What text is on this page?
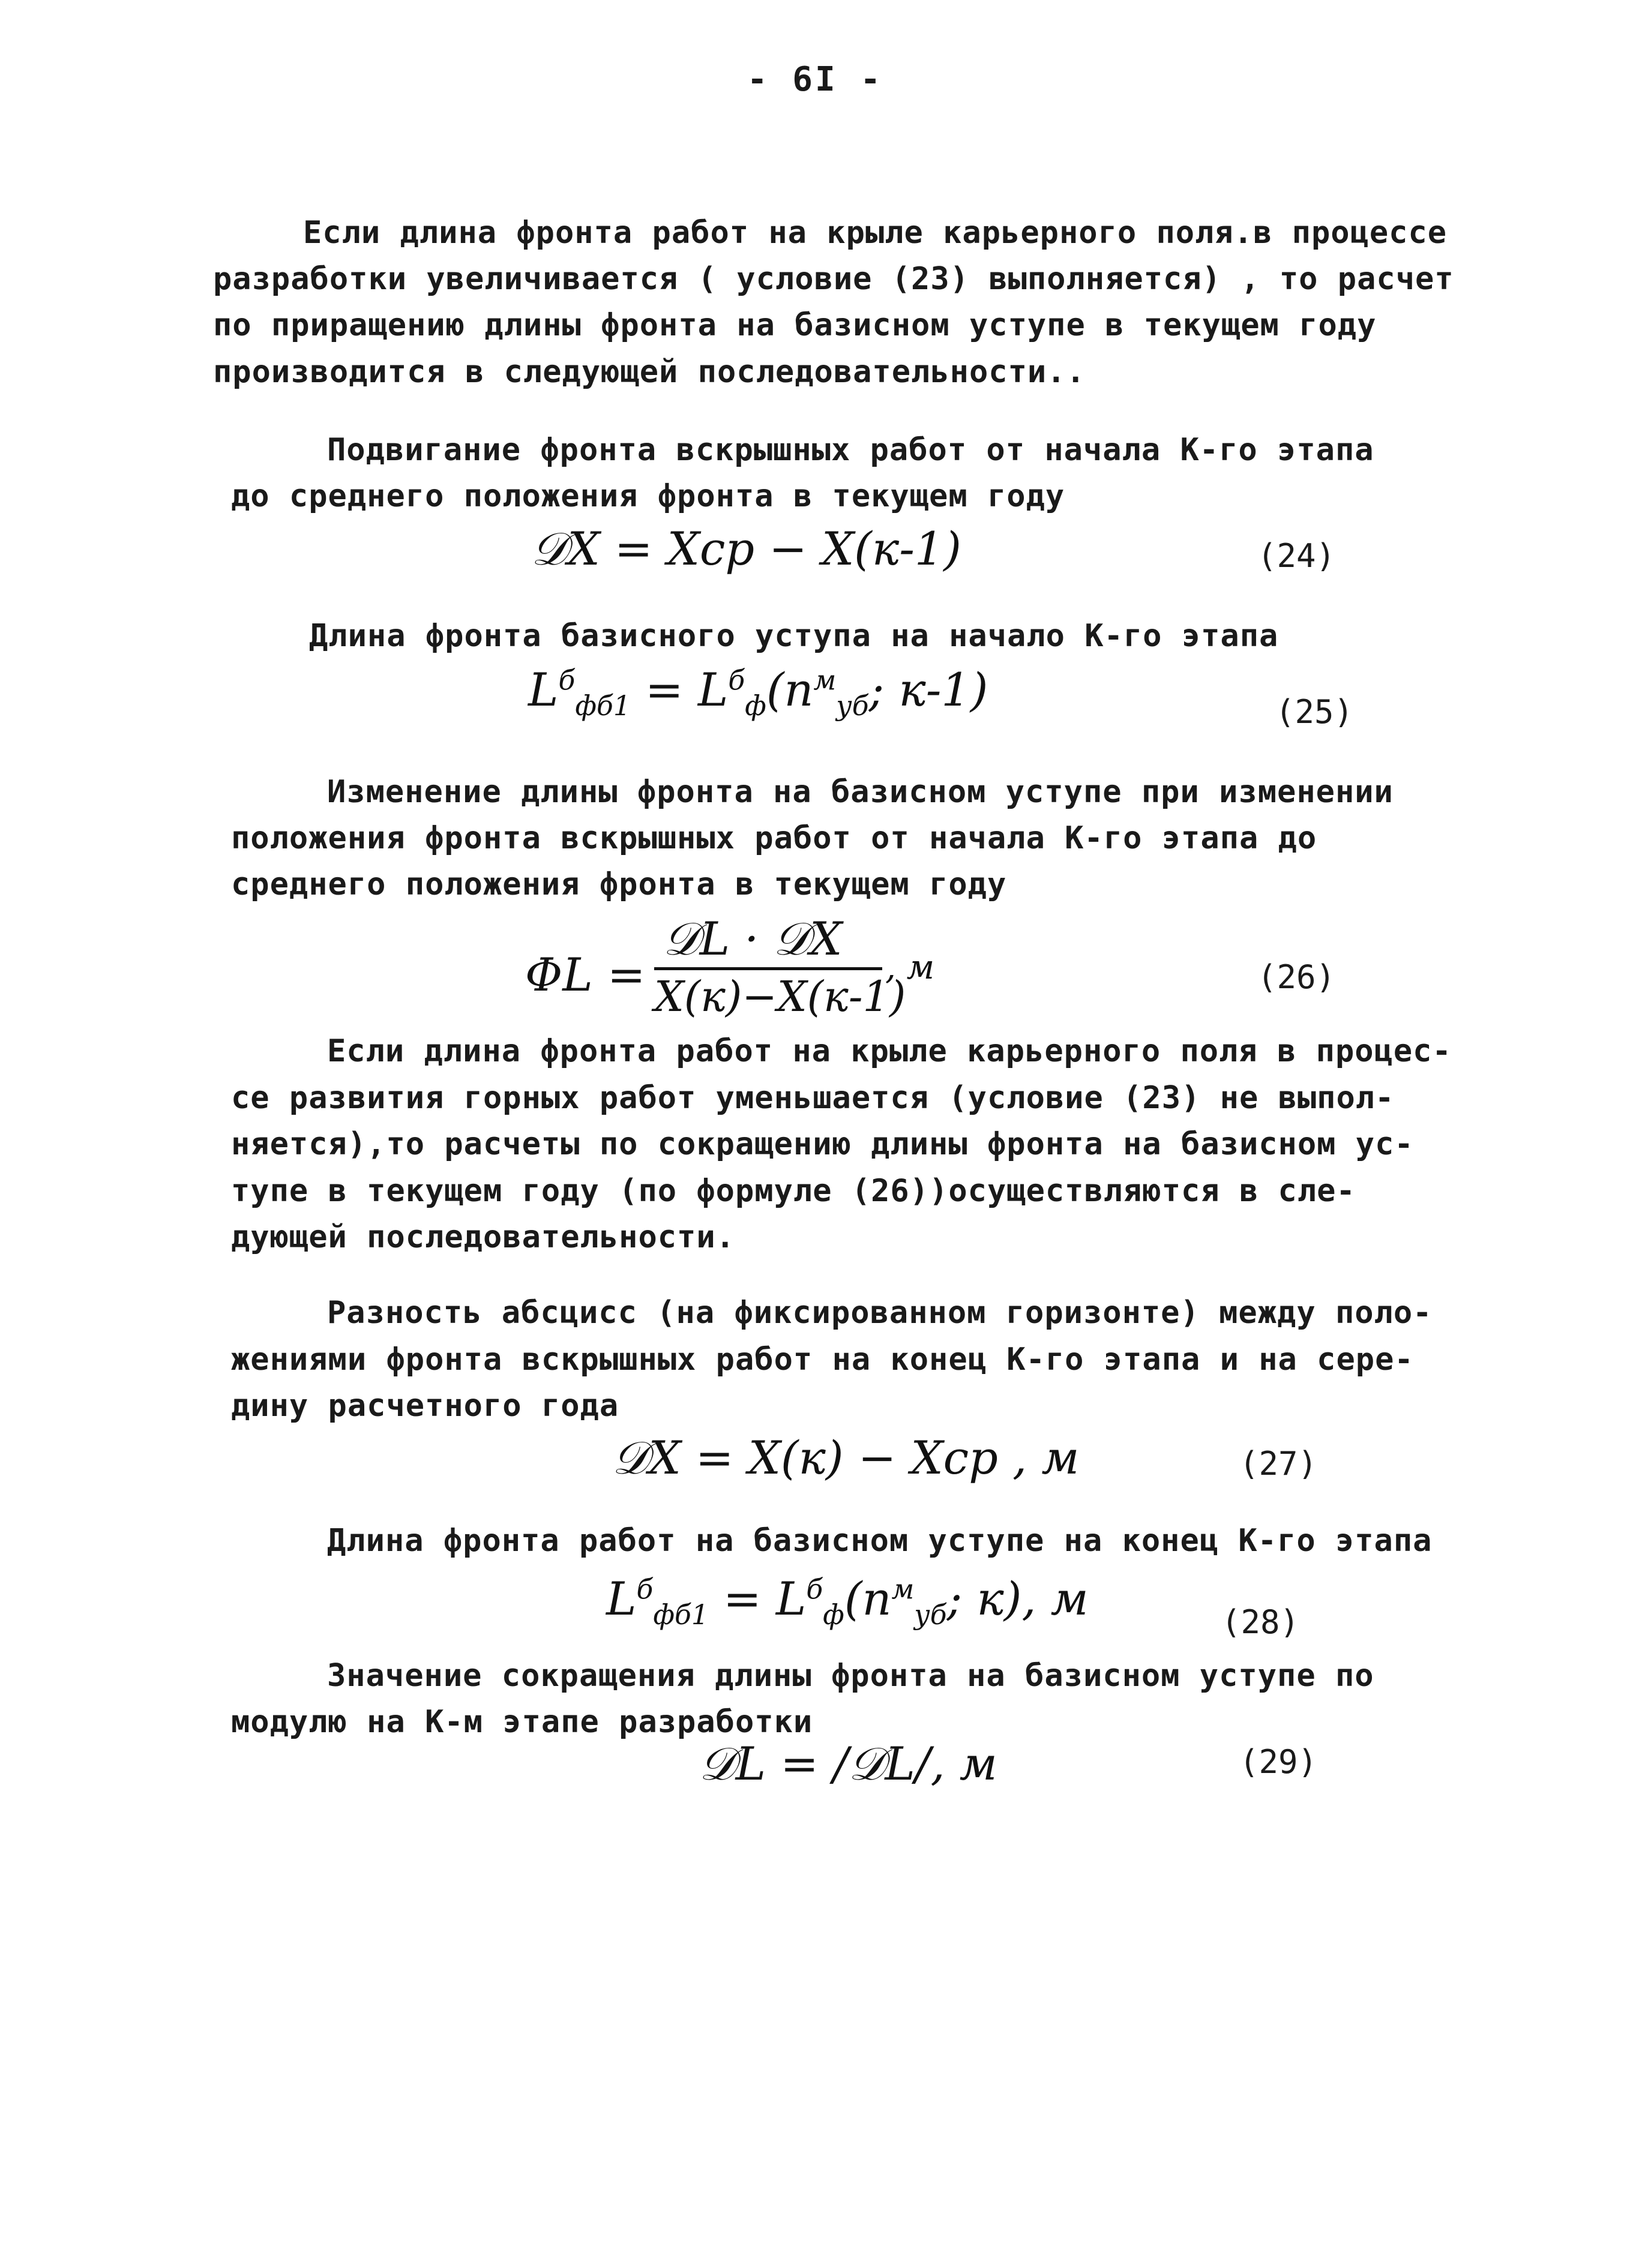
- 6I -
Если длина фронта работ на крыле карьерного поля.в процессе
разработки увеличивается ( условие (23) выполняется) , то расчет
по приращению длины фронта на базисном уступе в текущем году
производится в следующей последовательности..
Подвигание фронта вскрышных работ от начала К-го этапа
до среднего положения фронта в текущем году
𝒟X = Xcp − X(к-1)	(24)
Длина фронта базисного уступа на начало К-го этапа
$L^б_{фб1} = L^б_ф(n^м_{уб}$; к-1)	(25)
Изменение длины фронта на базисном уступе при изменении
положения фронта вскрышных работ от начала К-го этапа до
среднего положения фронта в текущем году
ΦL =
𝒟L · 𝒟X
X(к)−X(к-1)
, м	(26)
Если длина фронта работ на крыле карьерного поля в процес-
се развития горных работ уменьшается (условие (23) не выпол-
няется),то расчеты по сокращению длины фронта на базисном ус-
тупе в текущем году (по формуле (26))осуществляются в сле-
дующей последовательности.
Разность абсцисс (на фиксированном горизонте) между поло-
жениями фронта вскрышных работ на конец К-го этапа и на сере-
дину расчетного года
𝒟X = X(к) − Xcp , м	(27)
Длина фронта работ на базисном уступе на конец К-го этапа
$L^б_{фб1} = L^б_ф(n^м_{уб}$; к), м	(28)
Значение сокращения длины фронта на базисном уступе по
модулю на К-м этапе разработки
𝒟L = /𝒟L/, м	(29)
